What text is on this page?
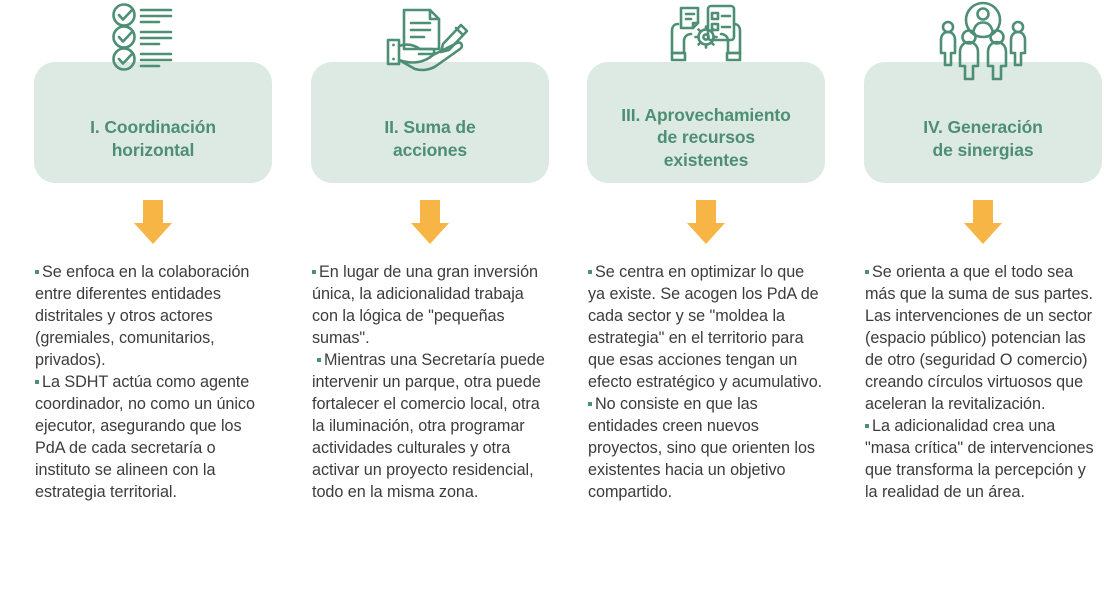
I. Coordinación
horizontal
Se enfoca en la colaboración entre diferentes entidades distritales y otros actores (gremiales, comunitarios, privados).
La SDHT actúa como agente coordinador, no como un único ejecutor, asegurando que los PdA de cada secretaría o instituto se alineen con la estrategia territorial.
II. Suma de
acciones
En lugar de una gran inversión única, la adicionalidad trabaja con la lógica de "pequeñas sumas".
Mientras una Secretaría puede intervenir un parque, otra puede fortalecer el comercio local, otra la iluminación, otra programar actividades culturales y otra activar un proyecto residencial, todo en la misma zona.
III. Aprovechamiento
de recursos
existentes
Se centra en optimizar lo que ya existe. Se acogen los PdA de cada sector y se "moldea la estrategia" en el territorio para que esas acciones tengan un efecto estratégico y acumulativo.
No consiste en que las entidades creen nuevos proyectos, sino que orienten los existentes hacia un objetivo compartido.
IV. Generación
de sinergias
Se orienta a que el todo sea más que la suma de sus partes. Las intervenciones de un sector (espacio público) potencian las de otro (seguridad O comercio) creando círculos virtuosos que aceleran la revitalización.
La adicionalidad crea una "masa crítica" de intervenciones que transforma la percepción y la realidad de un área.
